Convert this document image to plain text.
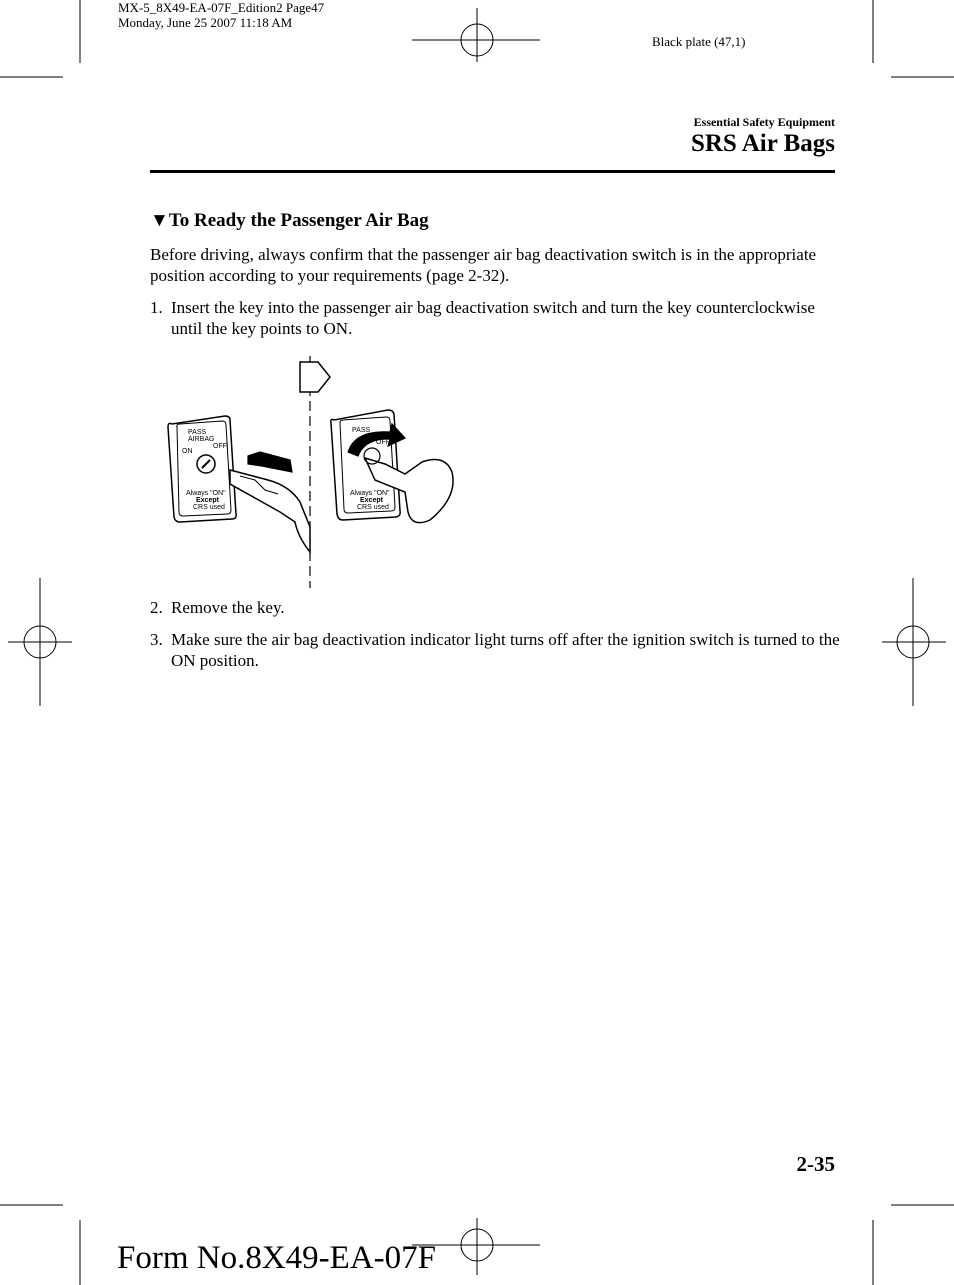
MX-5_8X49-EA-07F_Edition2 Page47
Monday, June 25 2007 11:18 AM
Black plate (47,1)
Essential Safety Equipment
SRS Air Bags
▼To Ready the Passenger Air Bag
Before driving, always confirm that the passenger air bag deactivation switch is in the appropriate position according to your requirements (page 2-32).
1. Insert the key into the passenger air bag deactivation switch and turn the key counterclockwise until the key points to ON.
PASS
AIRBAG
ON
OFF
Always "ON"
Except
CRS used
PASS
OFF
Always "ON"
Except
CRS used
2. Remove the key.
3. Make sure the air bag deactivation indicator light turns off after the ignition switch is turned to the ON position.
2-35
Form No.8X49-EA-07F
